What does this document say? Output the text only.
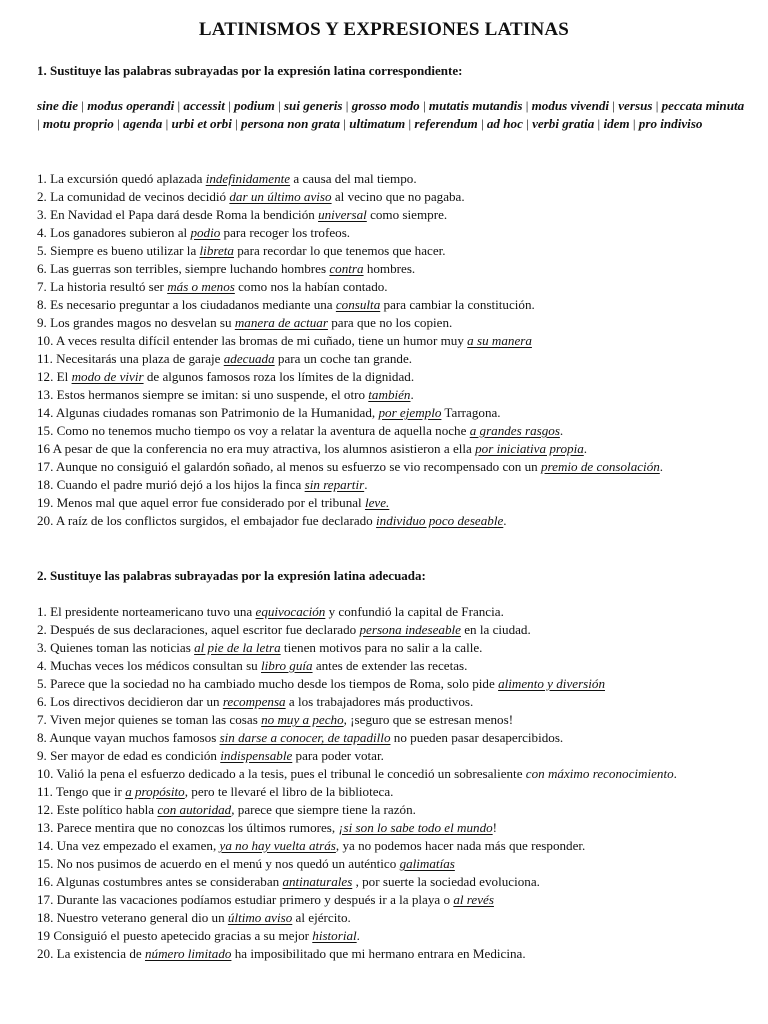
LATINISMOS Y EXPRESIONES LATINAS

1. Sustituye las palabras subrayadas por la expresión latina correspondiente:

sine die | modus operandi | accessit | podium | sui generis | grosso modo | mutatis mutandis | modus vivendi | versus | peccata minuta | motu proprio | agenda | urbi et orbi | persona non grata | ultimatum | referendum | ad hoc | verbi gratia | idem | pro indiviso

1. La excursión quedó aplazada indefinidamente a causa del mal tiempo.
2. La comunidad de vecinos decidió dar un último aviso al vecino que no pagaba.
3. En Navidad el Papa dará desde Roma la bendición universal como siempre.
4. Los ganadores subieron al podio para recoger los trofeos.
5. Siempre es bueno utilizar la libreta para recordar lo que tenemos que hacer.
6. Las guerras son terribles, siempre luchando hombres contra hombres.
7. La historia resultó ser más o menos como nos la habían contado.
8. Es necesario preguntar a los ciudadanos mediante una consulta para cambiar la constitución.
9. Los grandes magos no desvelan su manera de actuar para que no los copien.
10. A veces resulta difícil entender las bromas de mi cuñado, tiene un humor muy a su manera
11. Necesitarás una plaza de garaje adecuada para un coche tan grande.
12. El modo de vivir de algunos famosos roza los límites de la dignidad.
13. Estos hermanos siempre se imitan: si uno suspende, el otro también.
14. Algunas ciudades romanas son Patrimonio de la Humanidad, por ejemplo Tarragona.
15. Como no tenemos mucho tiempo os voy a relatar la aventura de aquella noche a grandes rasgos.
16 A pesar de que la conferencia no era muy atractiva, los alumnos asistieron a ella por iniciativa propia.
17. Aunque no consiguió el galardón soñado, al menos su esfuerzo se vio recompensado con un premio de consolación.
18. Cuando el padre murió dejó a los hijos la finca sin repartir.
19. Menos mal que aquel error fue considerado por el tribunal leve.
20. A raíz de los conflictos surgidos, el embajador fue declarado individuo poco deseable.

2. Sustituye las palabras subrayadas por la expresión latina adecuada:

1. El presidente norteamericano tuvo una equivocación y confundió la capital de Francia.
2. Después de sus declaraciones, aquel escritor fue declarado persona indeseable en la ciudad.
3. Quienes toman las noticias al pie de la letra tienen motivos para no salir a la calle.
4. Muchas veces los médicos consultan su libro guía antes de extender las recetas.
5. Parece que la sociedad no ha cambiado mucho desde los tiempos de Roma, solo pide alimento y diversión
6. Los directivos decidieron dar un recompensa a los trabajadores más productivos.
7. Viven mejor quienes se toman las cosas no muy a pecho, ¡seguro que se estresan menos!
8. Aunque vayan muchos famosos sin darse a conocer, de tapadillo no pueden pasar desapercibidos.
9. Ser mayor de edad es condición indispensable para poder votar.
10. Valió la pena el esfuerzo dedicado a la tesis, pues el tribunal le concedió un sobresaliente con máximo reconocimiento.
11. Tengo que ir a propósito, pero te llevaré el libro de la biblioteca.
12. Este político habla con autoridad, parece que siempre tiene la razón.
13. Parece mentira que no conozcas los últimos rumores, ¡si son lo sabe todo el mundo!
14. Una vez empezado el examen, ya no hay vuelta atrás, ya no podemos hacer nada más que responder.
15. No nos pusimos de acuerdo en el menú y nos quedó un auténtico galimatías
16. Algunas costumbres antes se consideraban antinaturales , por suerte la sociedad evoluciona.
17. Durante las vacaciones podíamos estudiar primero y después ir a la playa o al revés
18. Nuestro veterano general dio un último aviso al ejército.
19 Consiguió el puesto apetecido gracias a su mejor historial.
20. La existencia de número limitado ha imposibilitado que mi hermano entrara en Medicina.
